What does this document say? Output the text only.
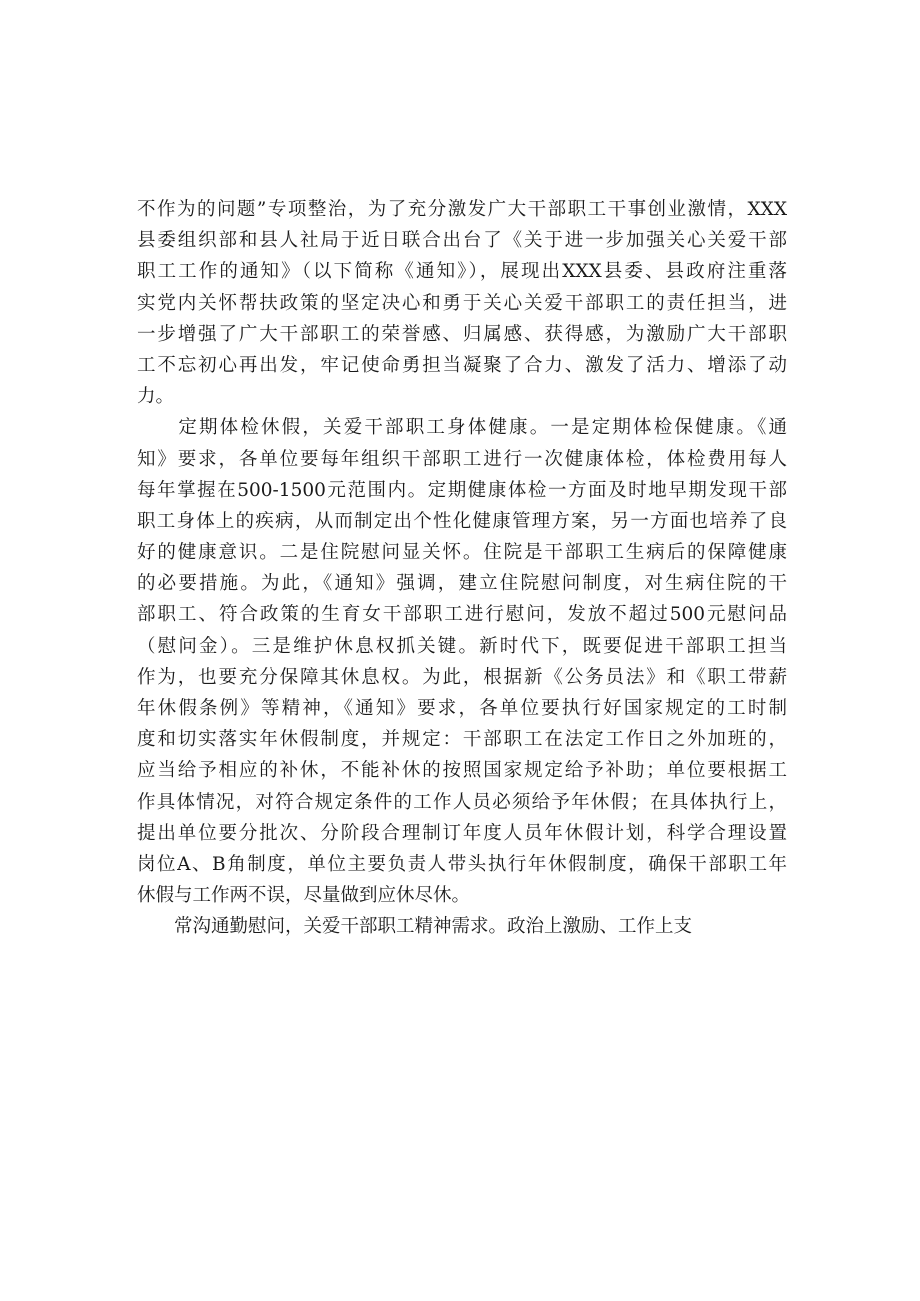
不作为的问题”专项整治，为了充分激发广大干部职工干事创业激情，XXX
县委组织部和县人社局于近日联合出台了《关于进一步加强关心关爱干部
职工工作的通知》（以下简称《通知》），展现出XXX县委、县政府注重落
实党内关怀帮扶政策的坚定决心和勇于关心关爱干部职工的责任担当，进
一步增强了广大干部职工的荣誉感、归属感、获得感，为激励广大干部职
工不忘初心再出发，牢记使命勇担当凝聚了合力、激发了活力、增添了动
力。
　　定期体检休假，关爱干部职工身体健康。一是定期体检保健康。《通
知》要求，各单位要每年组织干部职工进行一次健康体检，体检费用每人
每年掌握在500-1500元范围内。定期健康体检一方面及时地早期发现干部
职工身体上的疾病，从而制定出个性化健康管理方案，另一方面也培养了良
好的健康意识。二是住院慰问显关怀。住院是干部职工生病后的保障健康
的必要措施。为此，《通知》强调，建立住院慰问制度，对生病住院的干
部职工、符合政策的生育女干部职工进行慰问，发放不超过500元慰问品
（慰问金）。三是维护休息权抓关键。新时代下，既要促进干部职工担当
作为，也要充分保障其休息权。为此，根据新《公务员法》和《职工带薪
年休假条例》等精神，《通知》要求，各单位要执行好国家规定的工时制
度和切实落实年休假制度，并规定：干部职工在法定工作日之外加班的，
应当给予相应的补休，不能补休的按照国家规定给予补助；单位要根据工
作具体情况，对符合规定条件的工作人员必须给予年休假；在具体执行上，
提出单位要分批次、分阶段合理制订年度人员年休假计划，科学合理设置
岗位A、B角制度，单位主要负责人带头执行年休假制度，确保干部职工年
休假与工作两不误，尽量做到应休尽休。
　　常沟通勤慰问，关爱干部职工精神需求。政治上激励、工作上支
